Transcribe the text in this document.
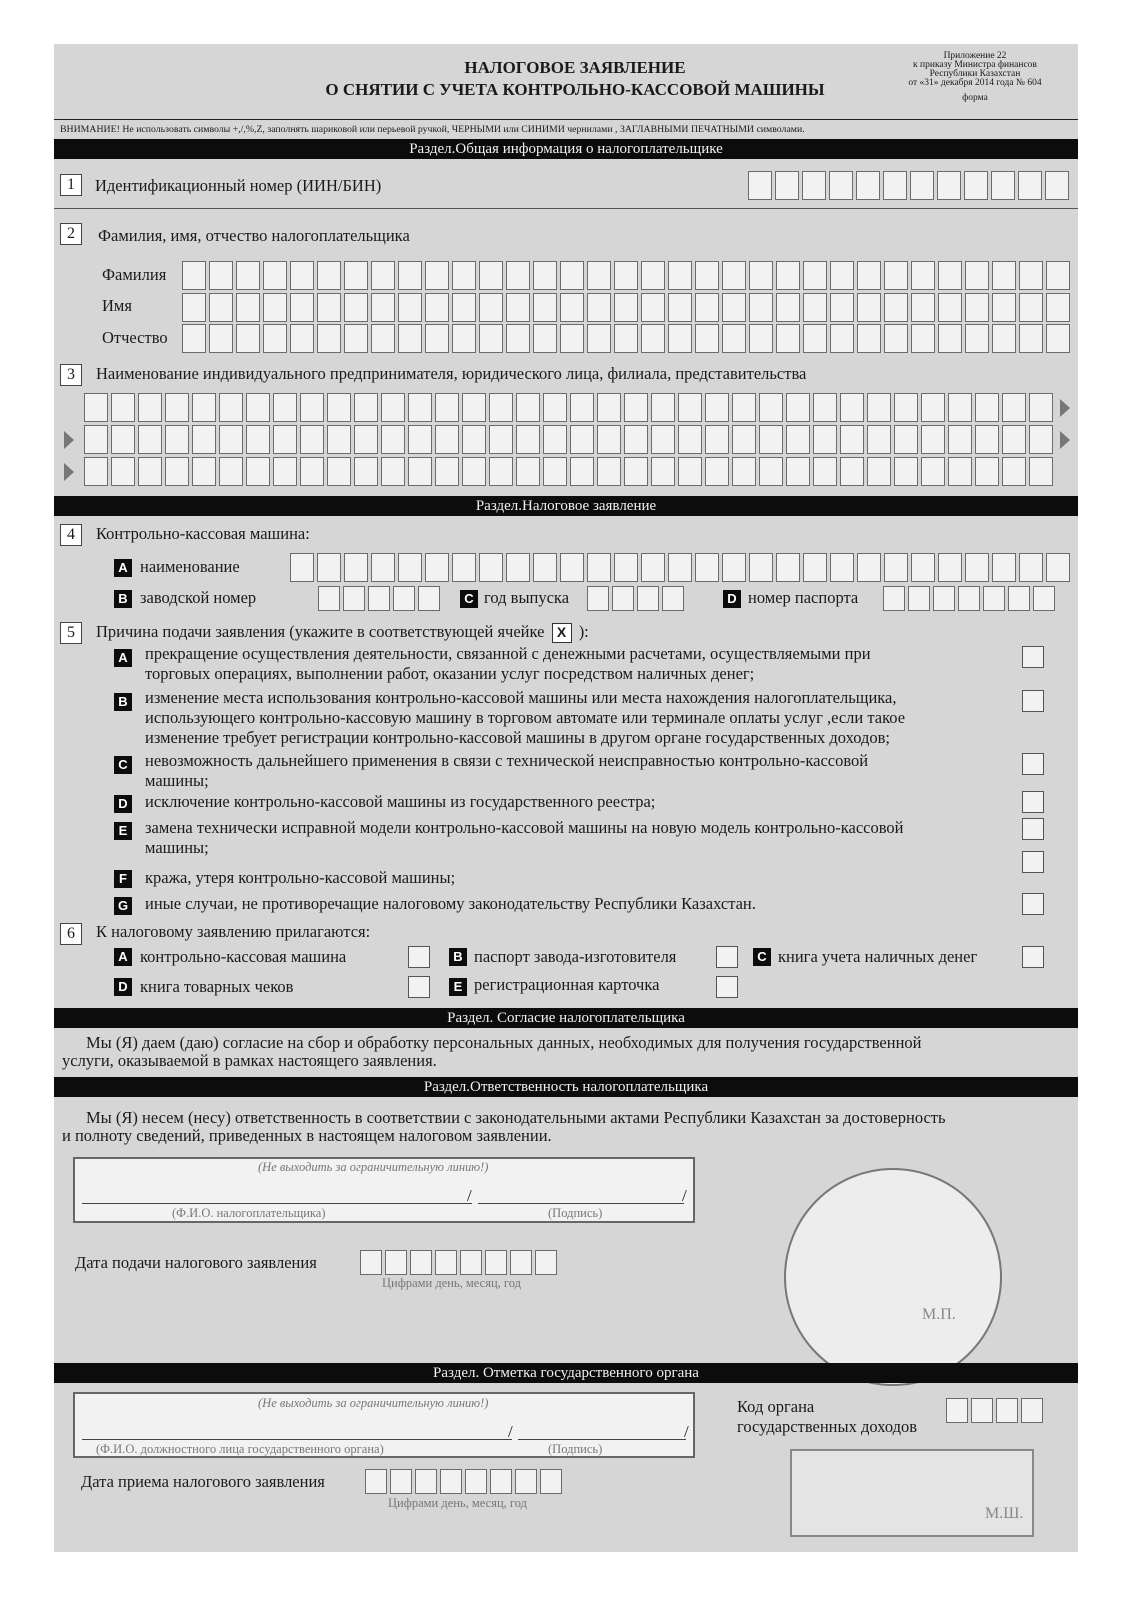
НАЛОГОВОЕ ЗАЯВЛЕНИЕ
О СНЯТИИ С УЧЕТА КОНТРОЛЬНО-КАССОВОЙ МАШИНЫ
Приложение 22
к приказу Министра финансов
Республики Казахстан
от «31» декабря 2014 года № 604
форма
ВНИМАНИЕ! Не использовать символы +,/,%,Z, заполнять шариковой или перьевой ручкой, ЧЕРНЫМИ или СИНИМИ чернилами , ЗАГЛАВНЫМИ ПЕЧАТНЫМИ символами.
Раздел.Общая информация о налогоплательщике
1	Идентификационный номер (ИИН/БИН)
2	Фамилия, имя, отчество налогоплательщика
Фамилия
Имя
Отчество
3	Наименование индивидуального предпринимателя, юридического лица, филиала, представительства
Раздел.Налоговое заявление
4	Контрольно-кассовая машина:
A наименование
B заводской номер	C год выпуска	D номер паспорта
5	Причина подачи заявления (укажите в соответствующей ячейке X ):
A прекращение осуществления деятельности, связанной с денежными расчетами, осуществляемыми при
торговых операциях, выполнении работ, оказании услуг посредством наличных денег;
B изменение места использования контрольно-кассовой машины или места нахождения налогоплательщика,
использующего контрольно-кассовую машину в торговом автомате или терминале оплаты услуг ,если такое
изменение требует регистрации контрольно-кассовой машины в другом органе государственных доходов;
C невозможность дальнейшего применения в связи с технической неисправностью контрольно-кассовой
машины;
D исключение контрольно-кассовой машины из государственного реестра;
E замена технически исправной модели контрольно-кассовой машины на новую модель контрольно-кассовой
машины;
F	кража, утеря контрольно-кассовой машины;
G иные случаи, не противоречащие налоговому законодательству Республики Казахстан.
6	К налоговому заявлению прилагаются:
A контрольно-кассовая машина	B паспорт завода-изготовителя	C книга учета наличных денег
D книга товарных чеков	E регистрационная карточка
Раздел. Согласие налогоплательщика
Мы (Я) даем (даю) согласие на сбор и обработку персональных данных, необходимых для получения государственной
услуги, оказываемой в рамках настоящего заявления.
Раздел.Ответственность налогоплательщика
Мы (Я) несем (несу) ответственность в соответствии с законодательными актами Республики Казахстан за достоверность
и полноту сведений, приведенных в настоящем налоговом заявлении.
(Не выходить за ограничительную линию!)
/	/
(Ф.И.О. налогоплательщика)	(Подпись)
Дата подачи налогового заявления
Цифрами день, месяц, год
М.П.
Раздел. Отметка государственного органа
(Не выходить за ограничительную линию!)
/	/
(Ф.И.О. должностного лица государственного органа)	(Подпись)
Код органа
государственных доходов
Дата приема налогового заявления
Цифрами день, месяц, год
М.Ш.
